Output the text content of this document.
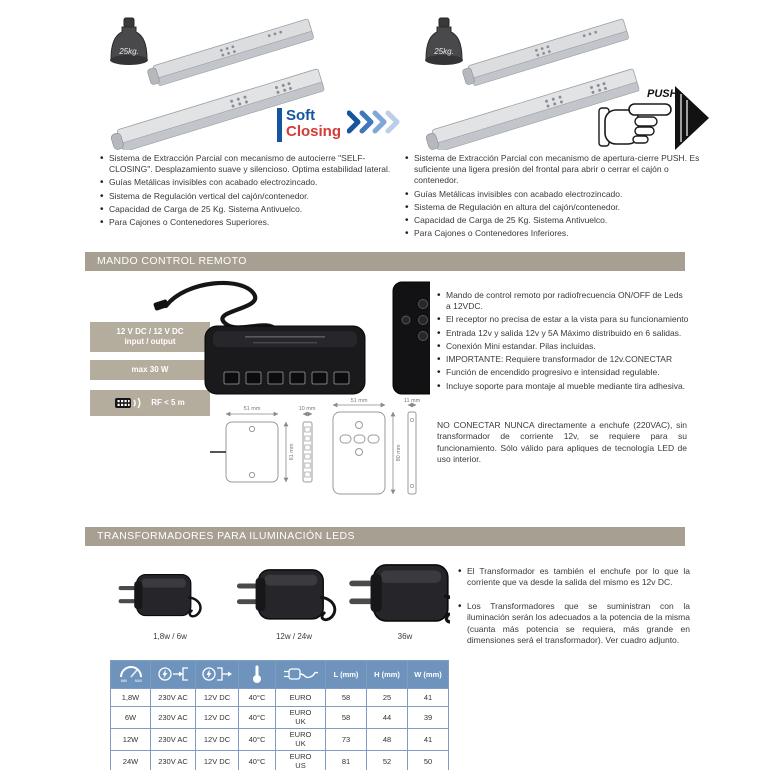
25kg.
Soft
Closing
25kg.
PUSH
• Sistema de Extracción Parcial con mecanismo de autocierre "SELF-CLOSING". Desplazamiento suave y silencioso. Optima estabilidad lateral.
• Guías Metálicas invisibles con acabado electrozincado.
• Sistema de Regulación vertical del cajón/contenedor.
• Capacidad de Carga de 25 Kg. Sistema Antivuelco.
• Para Cajones o Contenedores Superiores.
• Sistema de Extracción Parcial con mecanismo de apertura-cierre PUSH. Es suficiente una ligera presión del frontal para abrir o cerrar el cajón o contenedor.
• Guías Metálicas invisibles con acabado electrozincado.
• Sistema de Regulación en altura del cajón/contenedor.
• Capacidad de Carga de 25 Kg. Sistema Antivuelco.
• Para Cajones o Contenedores Inferiores.
MANDO CONTROL REMOTO
12 V DC / 12 V DC
input / output
max 30 W
RF < 5 m
• Mando de control remoto por radiofrecuencia ON/OFF de Leds a 12VDC.
• El receptor no precisa de estar a la vista para su funcionamiento
• Entrada 12v y salida 12v y 5A Máximo distribuido en 6 salidas.
• Conexión Mini estandar. Pilas incluidas.
• IMPORTANTE: Requiere transformador de 12v.CONECTAR
• Función de encendido progresivo e intensidad regulable.
• Incluye soporte para montaje al mueble mediante tira adhesiva.
NO CONECTAR NUNCA directamente a enchufe (220VAC), sin transformador de corriente 12v, se requiere para su funcionamiento. Sólo válido para apliques de tecnología LED de uso interior.
51 mm
61 mm
10 mm
51 mm
80 mm
11 mm
TRANSFORMADORES PARA ILUMINACIÓN LEDS
1,8w / 6w	12w / 24w	36w
• El Transformador es también el enchufe por lo que la corriente que va desde la salida del mismo es 12v DC.
• Los Transformadores que se suministran con la iluminación serán los adecuados a la potencia de la misma (cuanta más potencia se requiera, más grande en dimensiones será el transformador). Ver cuadro adjunto.
MIN MAX					L (mm)	H (mm)	W (mm)
1,8W	230V AC	12V DC	40°C	EURO	58	25	41
6W	230V AC	12V DC	40°C	EURO UK	58	44	39
12W	230V AC	12V DC	40°C	EURO UK	73	48	41
24W	230V AC	12V DC	40°C	EURO US	81	52	50
